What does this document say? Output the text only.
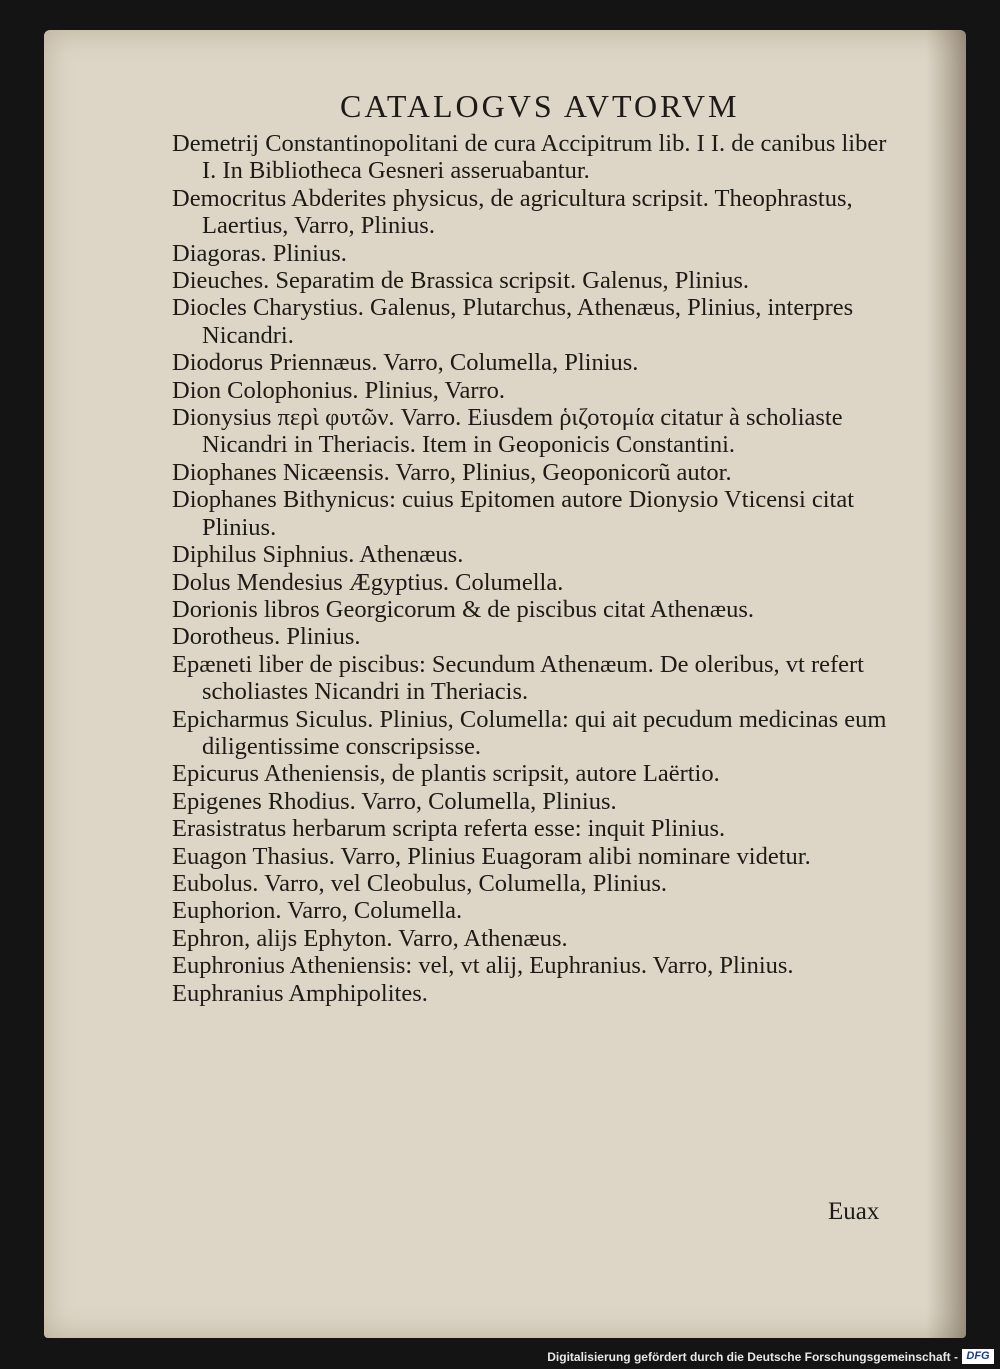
CATALOGVS AVTORVM
Demetrij Constantinopolitani de cura Accipitrum lib. I I. de canibus liber I. In Bibliotheca Gesneri asseruabantur.
Democritus Abderites physicus, de agricultura scripsit. Theophrastus, Laertius, Varro, Plinius.
Diagoras. Plinius.
Dieuches. Separatim de Brassica scripsit. Galenus, Plinius.
Diocles Charystius. Galenus, Plutarchus, Athenæus, Plinius, interpres Nicandri.
Diodorus Priennæus. Varro, Columella, Plinius.
Dion Colophonius. Plinius, Varro.
Dionysius περὶ φυτῶν. Varro. Eiusdem ῥιζοτομία citatur à scholiaste Nicandri in Theriacis. Item in Geoponicis Constantini.
Diophanes Nicæensis. Varro, Plinius, Geoponicorũ autor.
Diophanes Bithynicus: cuius Epitomen autore Dionysio Vticensi citat Plinius.
Diphilus Siphnius. Athenæus.
Dolus Mendesius Ægyptius. Columella.
Dorionis libros Georgicorum & de piscibus citat Athenæus.
Dorotheus. Plinius.
Epæneti liber de piscibus: Secundum Athenæum. De oleribus, vt refert scholiastes Nicandri in Theriacis.
Epicharmus Siculus. Plinius, Columella: qui ait pecudum medicinas eum diligentissime conscripsisse.
Epicurus Atheniensis, de plantis scripsit, autore Laërtio.
Epigenes Rhodius. Varro, Columella, Plinius.
Erasistratus herbarum scripta referta esse: inquit Plinius.
Euagon Thasius. Varro, Plinius Euagoram alibi nominare videtur.
Eubolus. Varro, vel Cleobulus, Columella, Plinius.
Euphorion. Varro, Columella.
Ephron, alijs Ephyton. Varro, Athenæus.
Euphronius Atheniensis: vel, vt alij, Euphranius. Varro, Plinius.
Euphranius Amphipolites.
Euax
Digitalisierung gefördert durch die Deutsche Forschungsgemeinschaft - DFG
